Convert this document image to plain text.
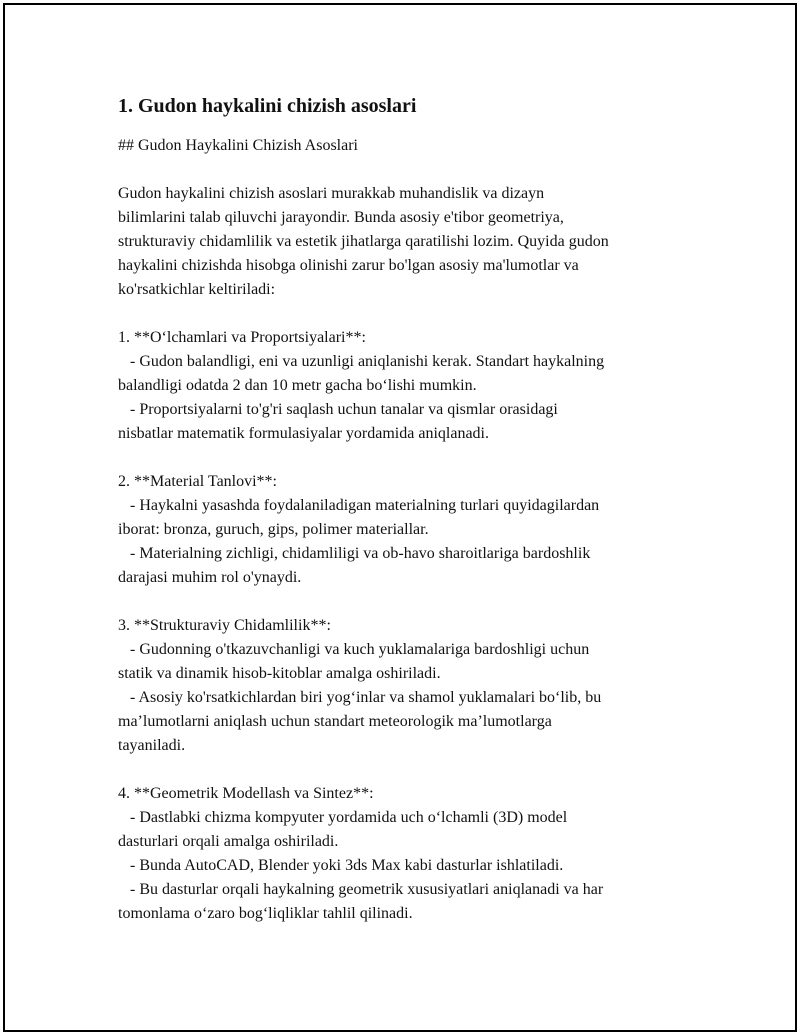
1. Gudon haykalini chizish asoslari
## Gudon Haykalini Chizish Asoslari
Gudon haykalini chizish asoslari murakkab muhandislik va dizayn
bilimlarini talab qiluvchi jarayondir. Bunda asosiy e'tibor geometriya,
strukturaviy chidamlilik va estetik jihatlarga qaratilishi lozim. Quyida gudon
haykalini chizishda hisobga olinishi zarur bo'lgan asosiy ma'lumotlar va
ko'rsatkichlar keltiriladi:
1. **O‘lchamlari va Proportsiyalari**:
- Gudon balandligi, eni va uzunligi aniqlanishi kerak. Standart haykalning
balandligi odatda 2 dan 10 metr gacha bo‘lishi mumkin.
- Proportsiyalarni to'g'ri saqlash uchun tanalar va qismlar orasidagi
nisbatlar matematik formulasiyalar yordamida aniqlanadi.
2. **Material Tanlovi**:
- Haykalni yasashda foydalaniladigan materialning turlari quyidagilardan
iborat: bronza, guruch, gips, polimer materiallar.
- Materialning zichligi, chidamliligi va ob-havo sharoitlariga bardoshlik
darajasi muhim rol o'ynaydi.
3. **Strukturaviy Chidamlilik**:
- Gudonning o'tkazuvchanligi va kuch yuklamalariga bardoshligi uchun
statik va dinamik hisob-kitoblar amalga oshiriladi.
- Asosiy ko'rsatkichlardan biri yog‘inlar va shamol yuklamalari bo‘lib, bu
ma’lumotlarni aniqlash uchun standart meteorologik ma’lumotlarga
tayaniladi.
4. **Geometrik Modellash va Sintez**:
- Dastlabki chizma kompyuter yordamida uch o‘lchamli (3D) model
dasturlari orqali amalga oshiriladi.
- Bunda AutoCAD, Blender yoki 3ds Max kabi dasturlar ishlatiladi.
- Bu dasturlar orqali haykalning geometrik xususiyatlari aniqlanadi va har
tomonlama o‘zaro bog‘liqliklar tahlil qilinadi.
